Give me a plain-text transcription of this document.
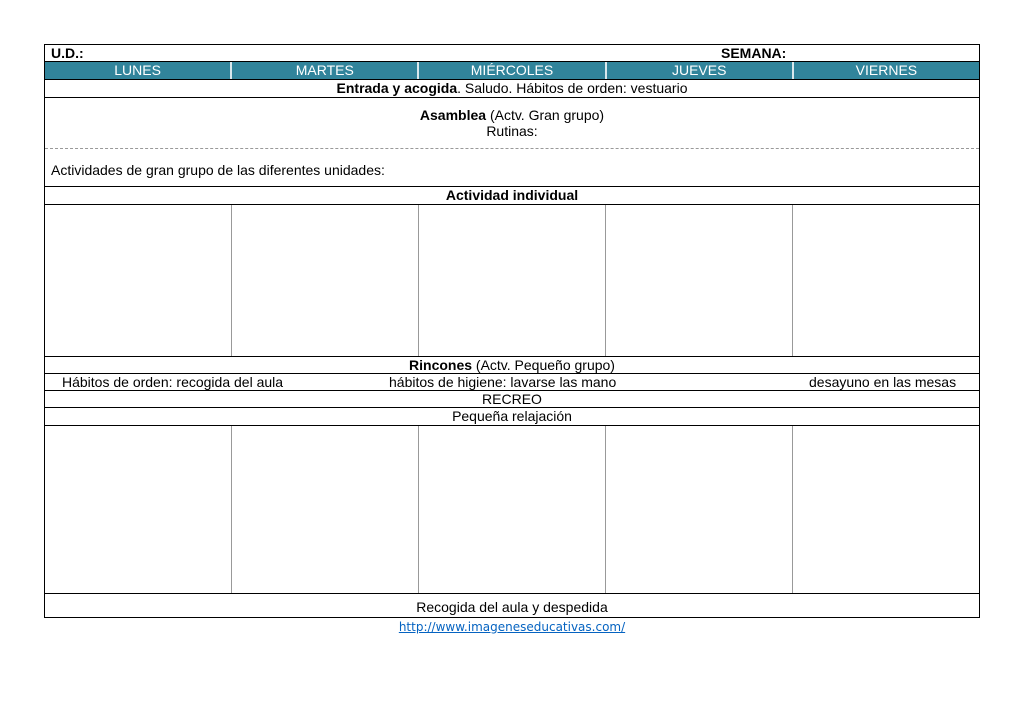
U.D.:	SEMANA:
LUNES	MARTES	MIÉRCOLES	JUEVES	VIERNES
Entrada y acogida. Saludo. Hábitos de orden: vestuario
Asamblea (Actv. Gran grupo)
Rutinas:
Actividades de gran grupo de las diferentes unidades:
Actividad individual
Rincones (Actv. Pequeño grupo)
Hábitos de orden: recogida del aula	hábitos de higiene: lavarse las mano	desayuno en las mesas
RECREO
Pequeña relajación
Recogida del aula y despedida
http://www.imageneseducativas.com/
